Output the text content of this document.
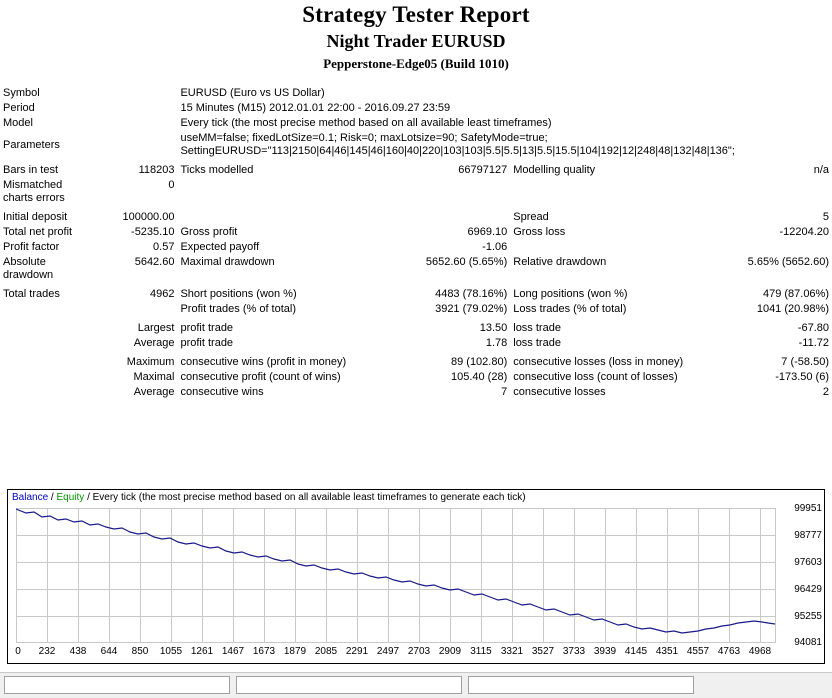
Strategy Tester Report
Night Trader EURUSD
Pepperstone-Edge05 (Build 1010)
Symbol		EURUSD (Euro vs US Dollar)			
Period		15 Minutes (M15) 2012.01.01 22:00 - 2016.09.27 23:59			
Model		Every tick (the most precise method based on all available least timeframes)			
Parameters		useMM=false; fixedLotSize=0.1; Risk=0; maxLotsize=90; SafetyMode=true;
SettingEURUSD="113|2150|64|46|145|46|160|40|220|103|103|5.5|5.5|13|5.5|15.5|104|192|12|248|48|132|48|136";			

Bars in test	118203	Ticks modelled	66797127	Modelling quality	n/a

Mismatched
charts errors	0				
Initial deposit	100000.00			Spread	5
Total net profit	-5235.10	Gross profit	6969.10	Gross loss	-12204.20
Profit factor	0.57	Expected payoff	-1.06		

Absolute
drawdown	5642.60	Maximal drawdown	5652.60 (5.65%)	Relative drawdown	5.65% (5652.60)
Total trades	4962	Short positions (won %)	4483 (78.16%)	Long positions (won %)	479 (87.06%)
		Profit trades (% of total)	3921 (79.02%)	Loss trades (% of total)	1041 (20.98%)
	Largest	profit trade	13.50	loss trade	-67.80
	Average	profit trade	1.78	loss trade	-11.72
	Maximum	consecutive wins (profit in money)	89 (102.80)	consecutive losses (loss in money)	7 (-58.50)
	Maximal	consecutive profit (count of wins)	105.40 (28)	consecutive loss (count of losses)	-173.50 (6)
	Average	consecutive wins	7	consecutive losses	2
Balance / Equity / Every tick (the most precise method based on all available least timeframes to generate each tick)
99951
98777
97603
96429
95255
94081
0 232 438 644 850 1055 1261 1467 1673 1879 2085 2291 2497 2703 2909 3115 3321 3527 3733 3939 4145 4351 4557 4763 4968
